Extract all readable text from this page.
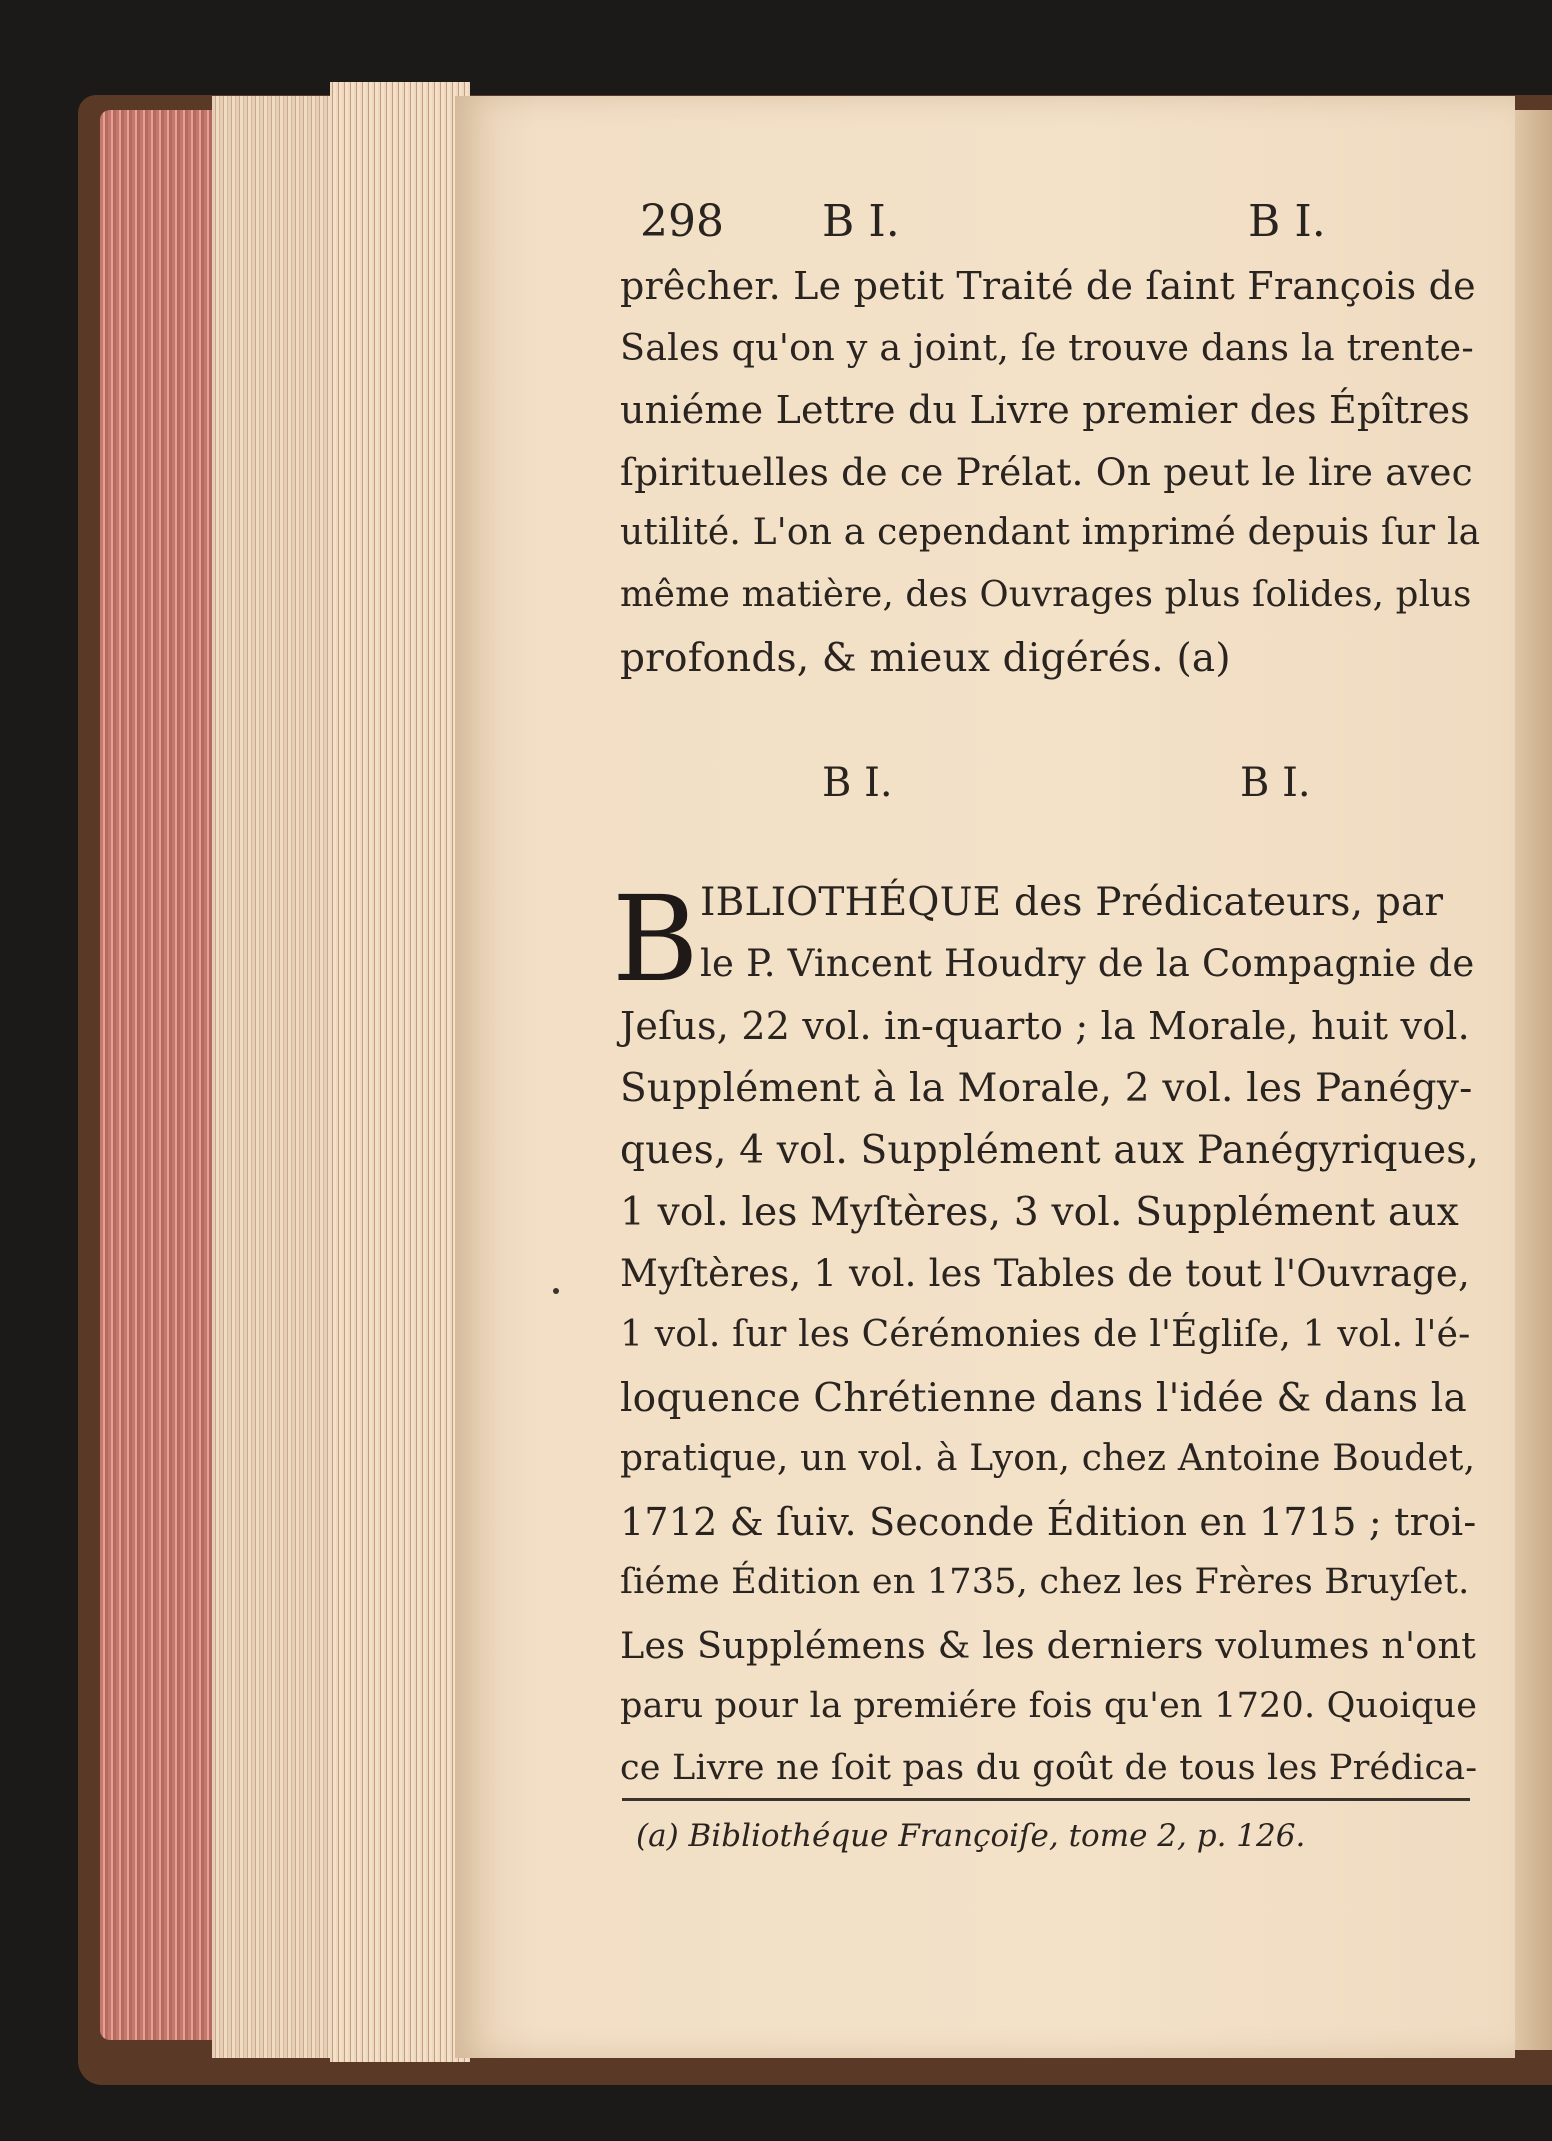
298 B I.	B I.
prêcher. Le petit Traité de ſaint François de
Sales qu'on y a joint, ſe trouve dans la trente-
uniéme Lettre du Livre premier des Épîtres
ſpirituelles de ce Prélat. On peut le lire avec
utilité. L'on a cependant imprimé depuis ſur la
même matière, des Ouvrages plus ſolides, plus
profonds, & mieux digérés. (a)
B I.	B I.
B IBLIOTHÉQUE des Prédicateurs, par
le P. Vincent Houdry de la Compagnie de
Jeſus, 22 vol. in-quarto ; la Morale, huit vol.
Supplément à la Morale, 2 vol. les Panégy-
ques, 4 vol. Supplément aux Panégyriques,
1 vol. les Myſtères, 3 vol. Supplément aux
Myſtères, 1 vol. les Tables de tout l'Ouvrage,
1 vol. ſur les Cérémonies de l'Égliſe, 1 vol. l'é-
loquence Chrétienne dans l'idée & dans la
pratique, un vol. à Lyon, chez Antoine Boudet,
1712 & ſuiv. Seconde Édition en 1715 ; troi-
ſiéme Édition en 1735, chez les Frères Bruyſet.
Les Supplémens & les derniers volumes n'ont
paru pour la premiére fois qu'en 1720. Quoique
ce Livre ne ſoit pas du goût de tous les Prédica-
(a) Bibliothéque Françoiſe, tome 2, p. 126.
